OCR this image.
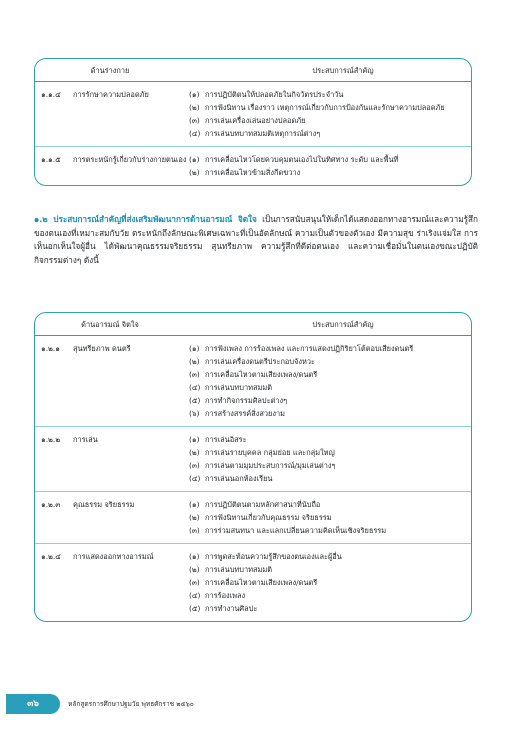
ด้านร่างกาย	ประสบการณ์สำคัญ
๑.๑.๔	การรักษาความปลอดภัย	(๑) การปฏิบัติตนให้ปลอดภัยในกิจวัตรประจำวัน
(๒) การฟังนิทาน เรื่องราว เหตุการณ์เกี่ยวกับการป้องกันและรักษาความปลอดภัย
(๓) การเล่นเครื่องเล่นอย่างปลอดภัย
(๔) การเล่นบทบาทสมมติเหตุการณ์ต่างๆ
๑.๑.๕	การตระหนักรู้เกี่ยวกับร่างกายตนเอง (๑) การเคลื่อนไหวโดยควบคุมตนเองไปในทิศทาง ระดับ และพื้นที่
(๒) การเคลื่อนไหวข้ามสิ่งกีดขวาง
๑.๒ ประสบการณ์สำคัญที่ส่งเสริมพัฒนาการด้านอารมณ์ จิตใจ เป็นการสนับสนุนให้เด็กได้แสดงออกทางอารมณ์และความรู้สึกของตนเองที่เหมาะสมกับวัย ตระหนักถึงลักษณะพิเศษเฉพาะที่เป็นอัตลักษณ์ ความเป็นตัวของตัวเอง มีความสุข ร่าเริงแจ่มใส การเห็นอกเห็นใจผู้อื่น ได้พัฒนาคุณธรรมจริยธรรม สุนทรียภาพ ความรู้สึกที่ดีต่อตนเอง และความเชื่อมั่นในตนเองขณะปฏิบัติกิจกรรมต่างๆ ดังนี้
ด้านอารมณ์ จิตใจ	ประสบการณ์สำคัญ
๑.๒.๑	สุนทรียภาพ ดนตรี	(๑) การฟังเพลง การร้องเพลง และการแสดงปฏิกิริยาโต้ตอบเสียงดนตรี
(๒) การเล่นเครื่องดนตรีประกอบจังหวะ
(๓) การเคลื่อนไหวตามเสียงเพลง/ดนตรี
(๔) การเล่นบทบาทสมมติ
(๕) การทำกิจกรรมศิลปะต่างๆ
(๖) การสร้างสรรค์สิ่งสวยงาม
๑.๒.๒	การเล่น	(๑) การเล่นอิสระ
(๒) การเล่นรายบุคคล กลุ่มย่อย และกลุ่มใหญ่
(๓) การเล่นตามมุมประสบการณ์/มุมเล่นต่างๆ
(๔) การเล่นนอกห้องเรียน
๑.๒.๓	คุณธรรม จริยธรรม	(๑) การปฏิบัติตนตามหลักศาสนาที่นับถือ
(๒) การฟังนิทานเกี่ยวกับคุณธรรม จริยธรรม
(๓) การร่วมสนทนา และแลกเปลี่ยนความคิดเห็นเชิงจริยธรรม
๑.๒.๔	การแสดงออกทางอารมณ์	(๑) การพูดสะท้อนความรู้สึกของตนเองและผู้อื่น
(๒) การเล่นบทบาทสมมติ
(๓) การเคลื่อนไหวตามเสียงเพลง/ดนตรี
(๔) การร้องเพลง
(๕) การทำงานศิลปะ
๓๖	หลักสูตรการศึกษาปฐมวัย พุทธศักราช ๒๕๖๐
